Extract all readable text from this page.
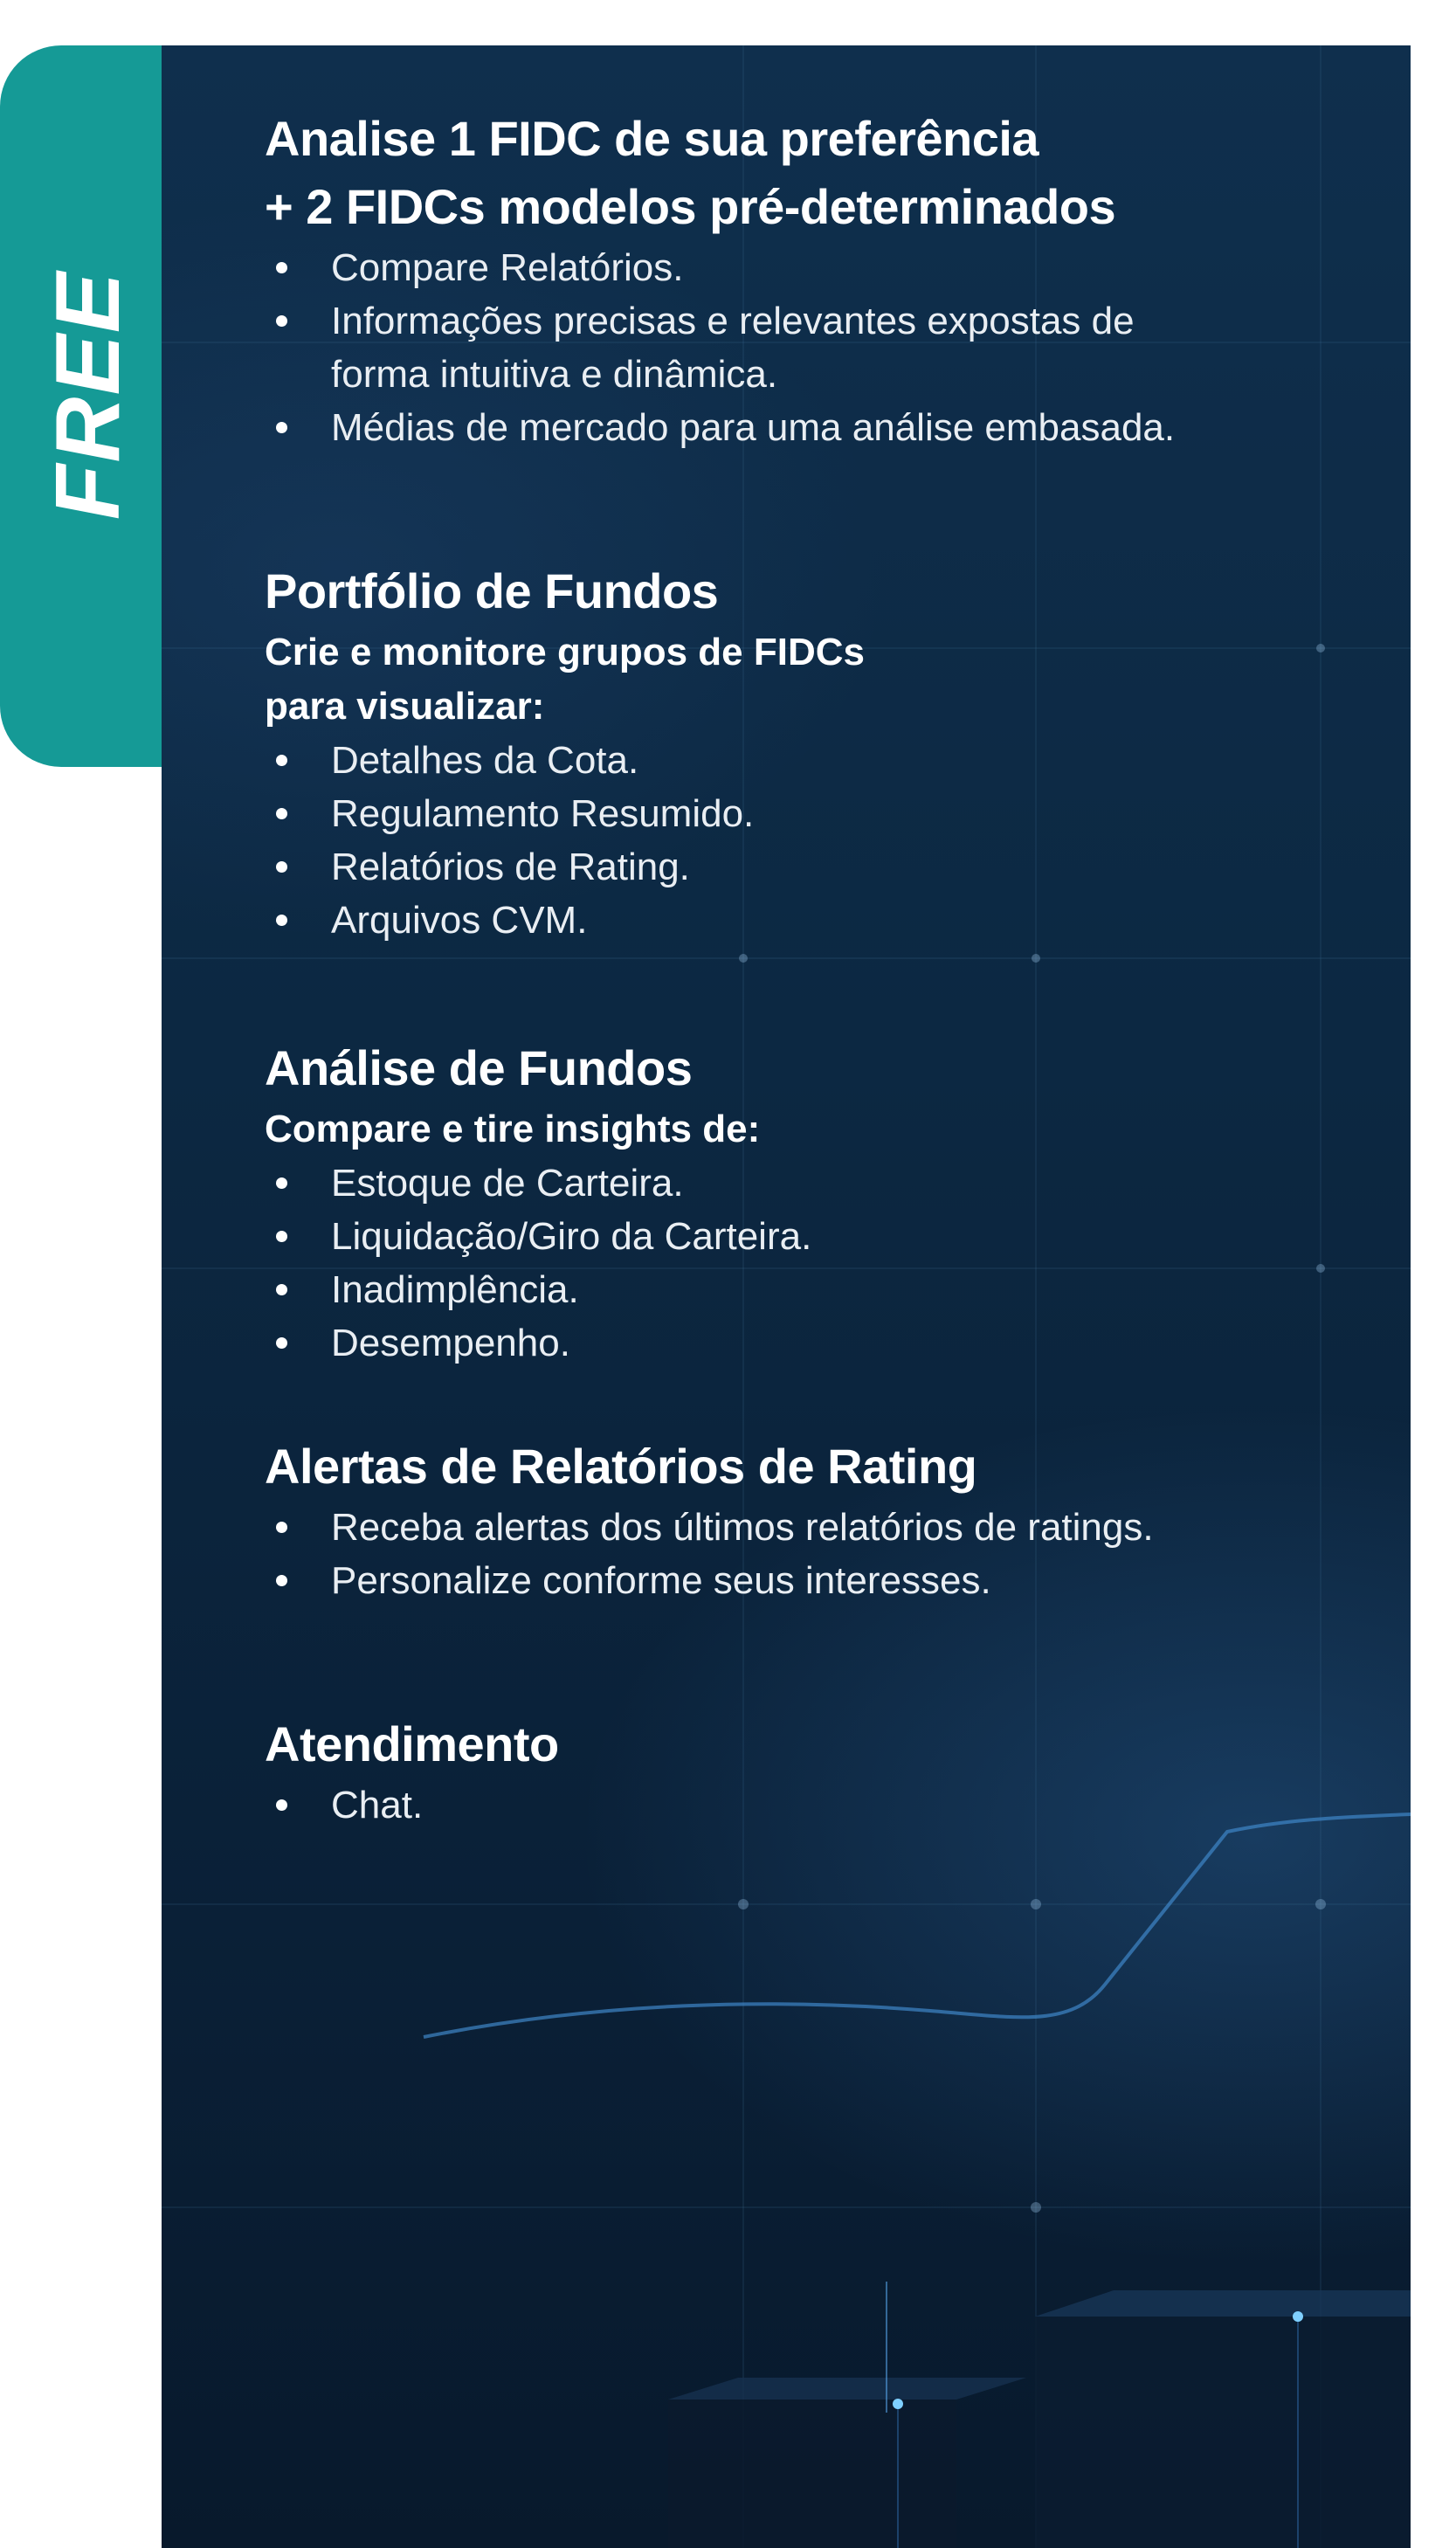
FREE
Analise 1 FIDC de sua preferência
+ 2 FIDCs modelos pré-determinados
Compare Relatórios.
Informações precisas e relevantes expostas de forma intuitiva e dinâmica.
Médias de mercado para uma análise embasada.
Portfólio de Fundos

Crie e monitore grupos de FIDCs
para visualizar:

Detalhes da Cota.
Regulamento Resumido.
Relatórios de Rating.
Arquivos CVM.
Análise de Fundos

Compare e tire insights de:

Estoque de Carteira.
Liquidação/Giro da Carteira.
Inadimplência.
Desempenho.
Alertas de Relatórios de Rating
Receba alertas dos últimos relatórios de ratings.
Personalize conforme seus interesses.
Atendimento
Chat.
